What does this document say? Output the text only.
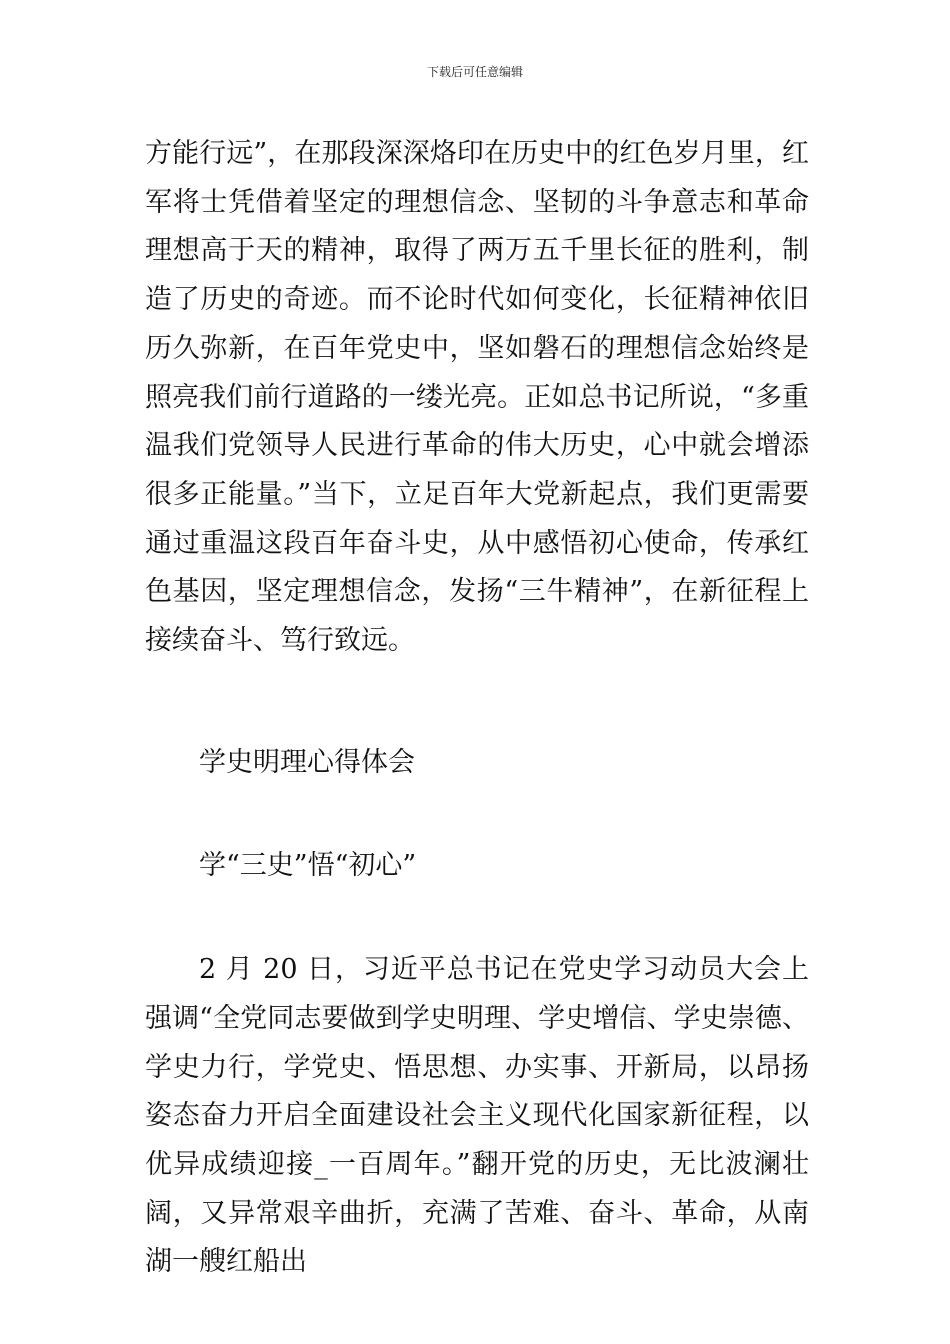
下载后可任意编辑

方能行远”，在那段深深烙印在历史中的红色岁月里，红军将士凭借着坚定的理想信念、坚韧的斗争意志和革命理想高于天的精神，取得了两万五千里长征的胜利，制造了历史的奇迹。而不论时代如何变化，长征精神依旧历久弥新，在百年党史中，坚如磐石的理想信念始终是照亮我们前行道路的一缕光亮。正如总书记所说，“多重温我们党领导人民进行革命的伟大历史，心中就会增添很多正能量。”当下，立足百年大党新起点，我们更需要通过重温这段百年奋斗史，从中感悟初心使命，传承红色基因，坚定理想信念，发扬“三牛精神”，在新征程上接续奋斗、笃行致远。

学史明理心得体会

学“三史”悟“初心”

2 月 20 日，习近平总书记在党史学习动员大会上强调“全党同志要做到学史明理、学史增信、学史崇德、学史力行，学党史、悟思想、办实事、开新局，以昂扬姿态奋力开启全面建设社会主义现代化国家新征程，以优异成绩迎接_一百周年。”翻开党的历史，无比波澜壮阔，又异常艰辛曲折，充满了苦难、奋斗、革命，从南湖一艘红船出
